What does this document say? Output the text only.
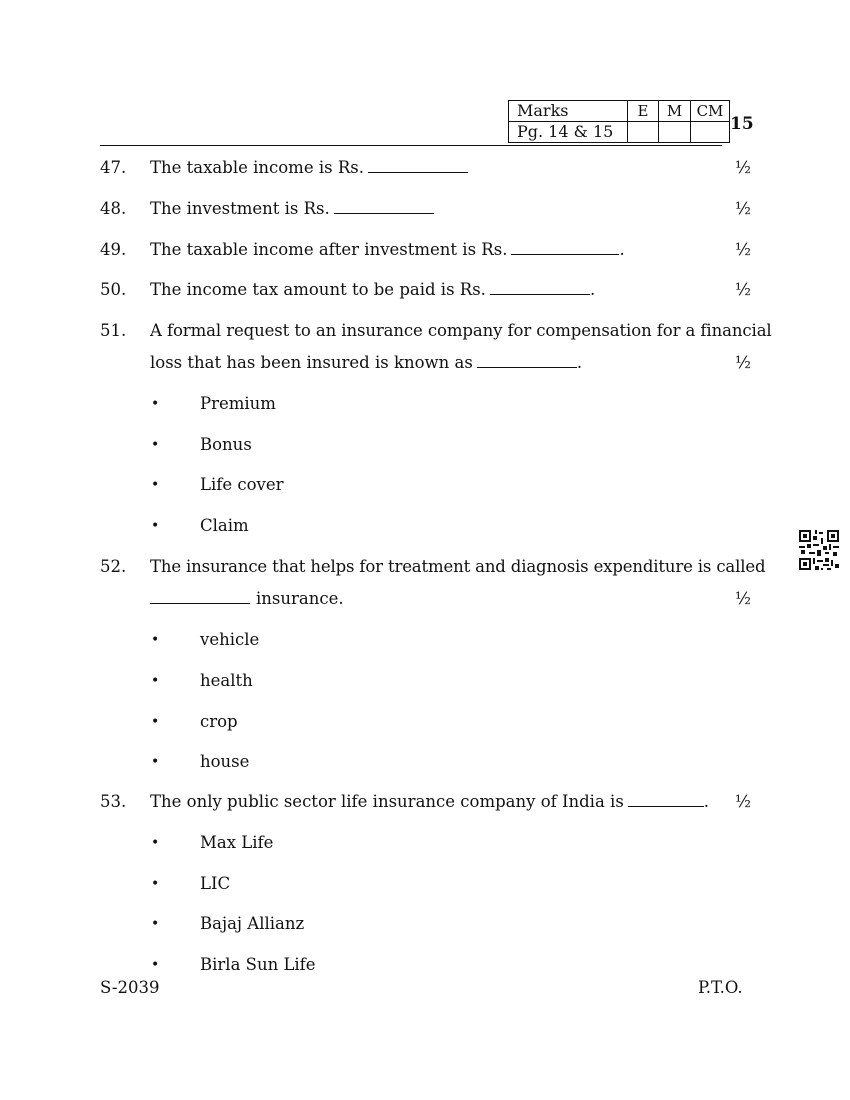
Marks	E	M	CM
Pg. 14 & 15				15
47. The taxable income is Rs.	½
48. The investment is Rs.	½
49. The taxable income after investment is Rs.	.	½
50. The income tax amount to be paid is Rs.	.	½
51. A formal request to an insurance company for compensation for a financial
loss that has been insured is known as	.	½
• Premium
• Bonus
• Life cover
• Claim
52. The insurance that helps for treatment and diagnosis expenditure is called
insurance.	½
• vehicle
• health
• crop
• house
53. The only public sector life insurance company of India is	. ½
• Max Life
• LIC
• Bajaj Allianz
• Birla Sun Life
S-2039	P.T.O.
